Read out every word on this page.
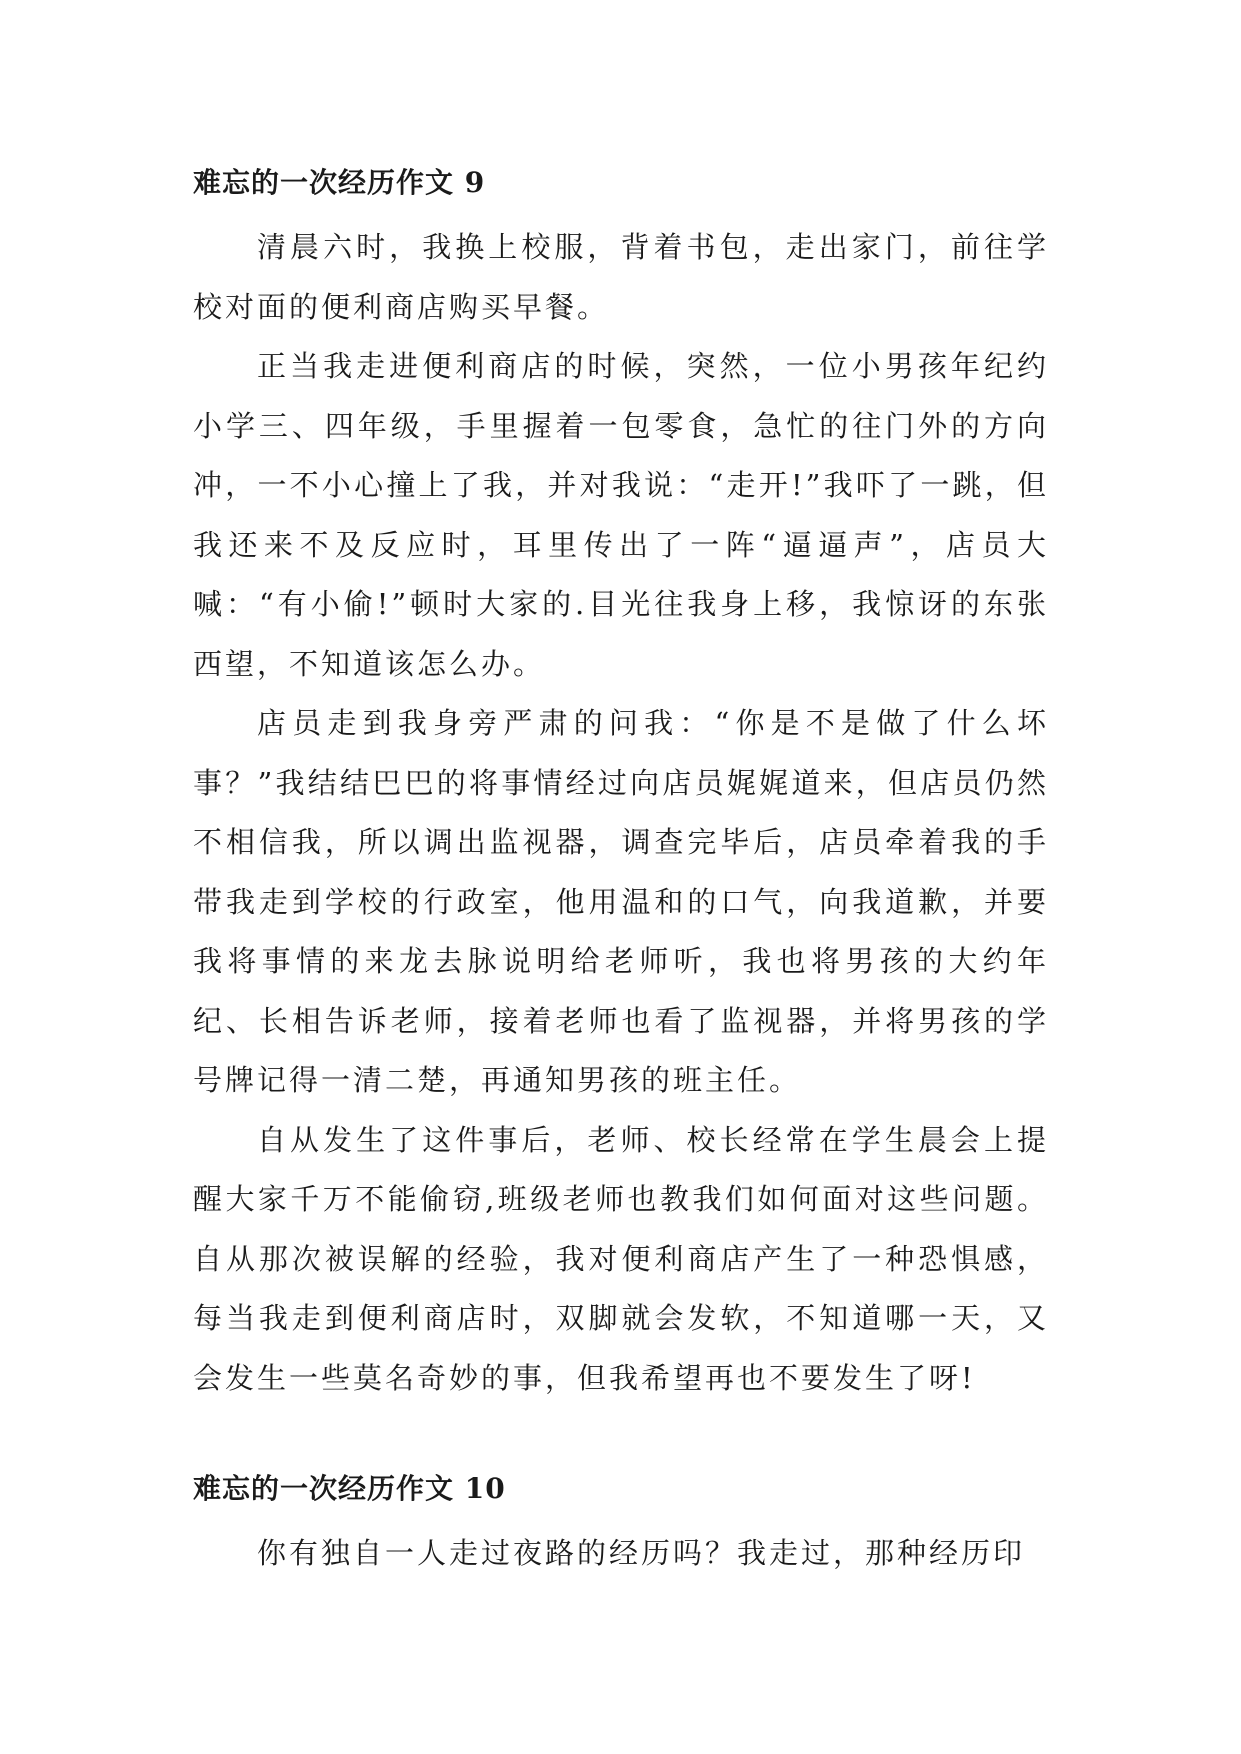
难忘的一次经历作文 9

清晨六时，我换上校服，背着书包，走出家门，前往学校对面的便利商店购买早餐。

正当我走进便利商店的时候，突然，一位小男孩年纪约小学三、四年级，手里握着一包零食，急忙的往门外的方向冲，一不小心撞上了我，并对我说：“走开!”我吓了一跳，但我还来不及反应时，耳里传出了一阵“逼逼声”，店员大喊：“有小偷!”顿时大家的.目光往我身上移，我惊讶的东张西望，不知道该怎么办。

店员走到我身旁严肃的问我：“你是不是做了什么坏事？”我结结巴巴的将事情经过向店员娓娓道来，但店员仍然不相信我，所以调出监视器，调查完毕后，店员牵着我的手带我走到学校的行政室，他用温和的口气，向我道歉，并要我将事情的来龙去脉说明给老师听，我也将男孩的大约年纪、长相告诉老师，接着老师也看了监视器，并将男孩的学号牌记得一清二楚，再通知男孩的班主任。

自从发生了这件事后，老师、校长经常在学生晨会上提醒大家千万不能偷窃,班级老师也教我们如何面对这些问题。自从那次被误解的经验，我对便利商店产生了一种恐惧感，每当我走到便利商店时，双脚就会发软，不知道哪一天，又会发生一些莫名奇妙的事，但我希望再也不要发生了呀!

难忘的一次经历作文 10

你有独自一人走过夜路的经历吗？我走过，那种经历印
